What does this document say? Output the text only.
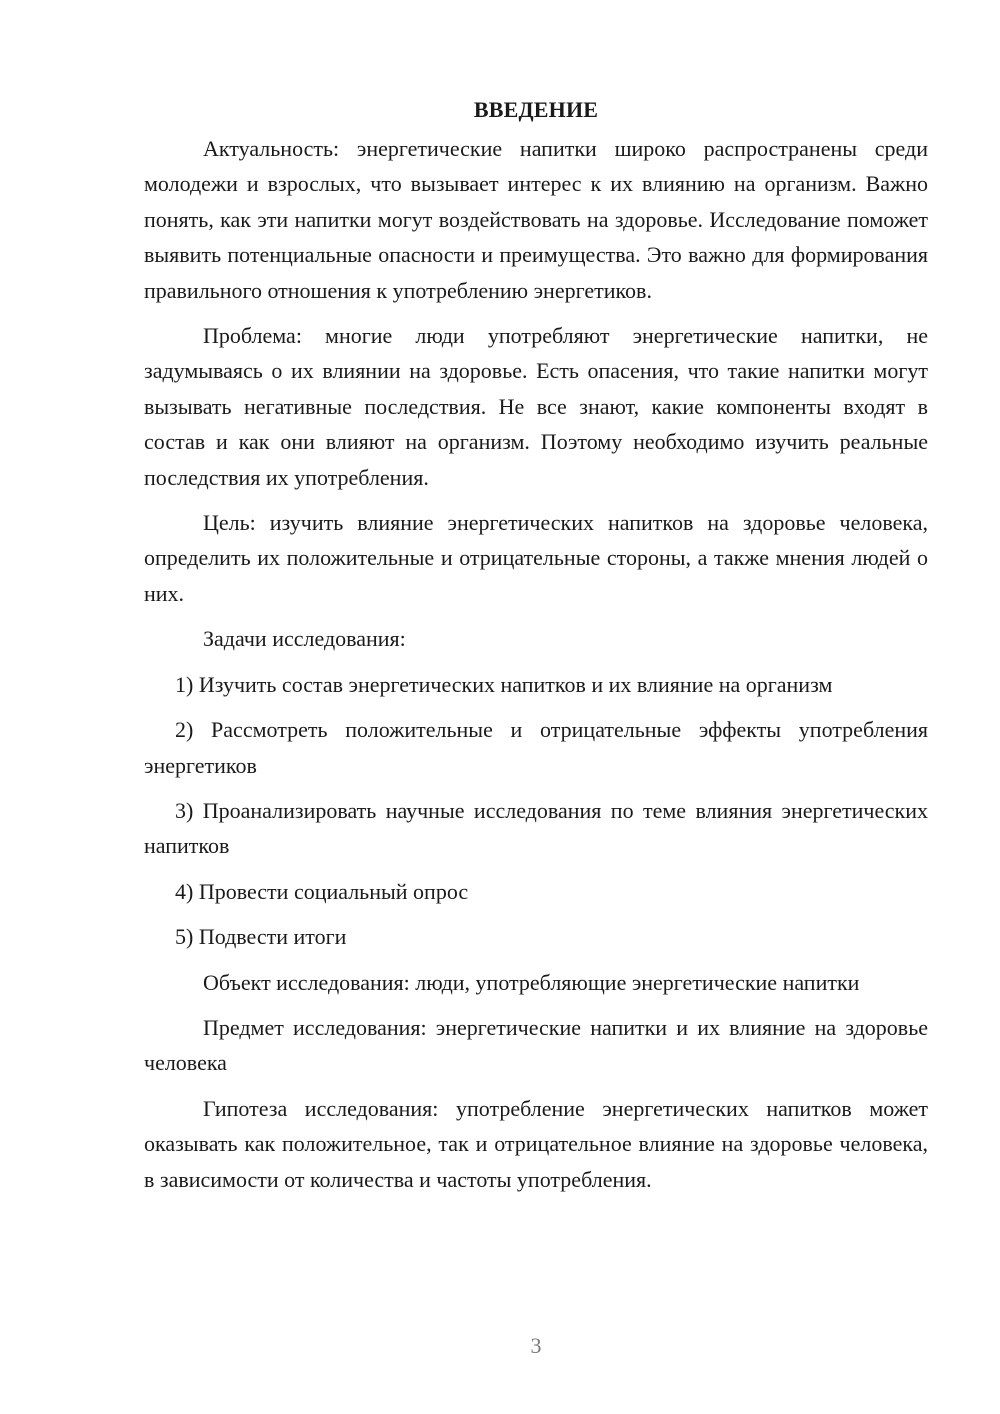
ВВЕДЕНИЕ

Актуальность: энергетические напитки широко распространены среди молодежи и взрослых, что вызывает интерес к их влиянию на организм. Важно понять, как эти напитки могут воздействовать на здоровье. Исследование поможет выявить потенциальные опасности и преимущества. Это важно для формирования правильного отношения к употреблению энергетиков.

Проблема: многие люди употребляют энергетические напитки, не задумываясь о их влиянии на здоровье. Есть опасения, что такие напитки могут вызывать негативные последствия. Не все знают, какие компоненты входят в состав и как они влияют на организм. Поэтому необходимо изучить реальные последствия их употребления.

Цель: изучить влияние энергетических напитков на здоровье человека, определить их положительные и отрицательные стороны, а также мнения людей о них.

Задачи исследования:

1) Изучить состав энергетических напитков и их влияние на организм

2) Рассмотреть положительные и отрицательные эффекты употребления энергетиков

3) Проанализировать научные исследования по теме влияния энергетических напитков

4) Провести социальный опрос

5) Подвести итоги

Объект исследования: люди, употребляющие энергетические напитки

Предмет исследования: энергетические напитки и их влияние на здоровье человека

Гипотеза исследования: употребление энергетических напитков может оказывать как положительное, так и отрицательное влияние на здоровье человека, в зависимости от количества и частоты употребления.

3
